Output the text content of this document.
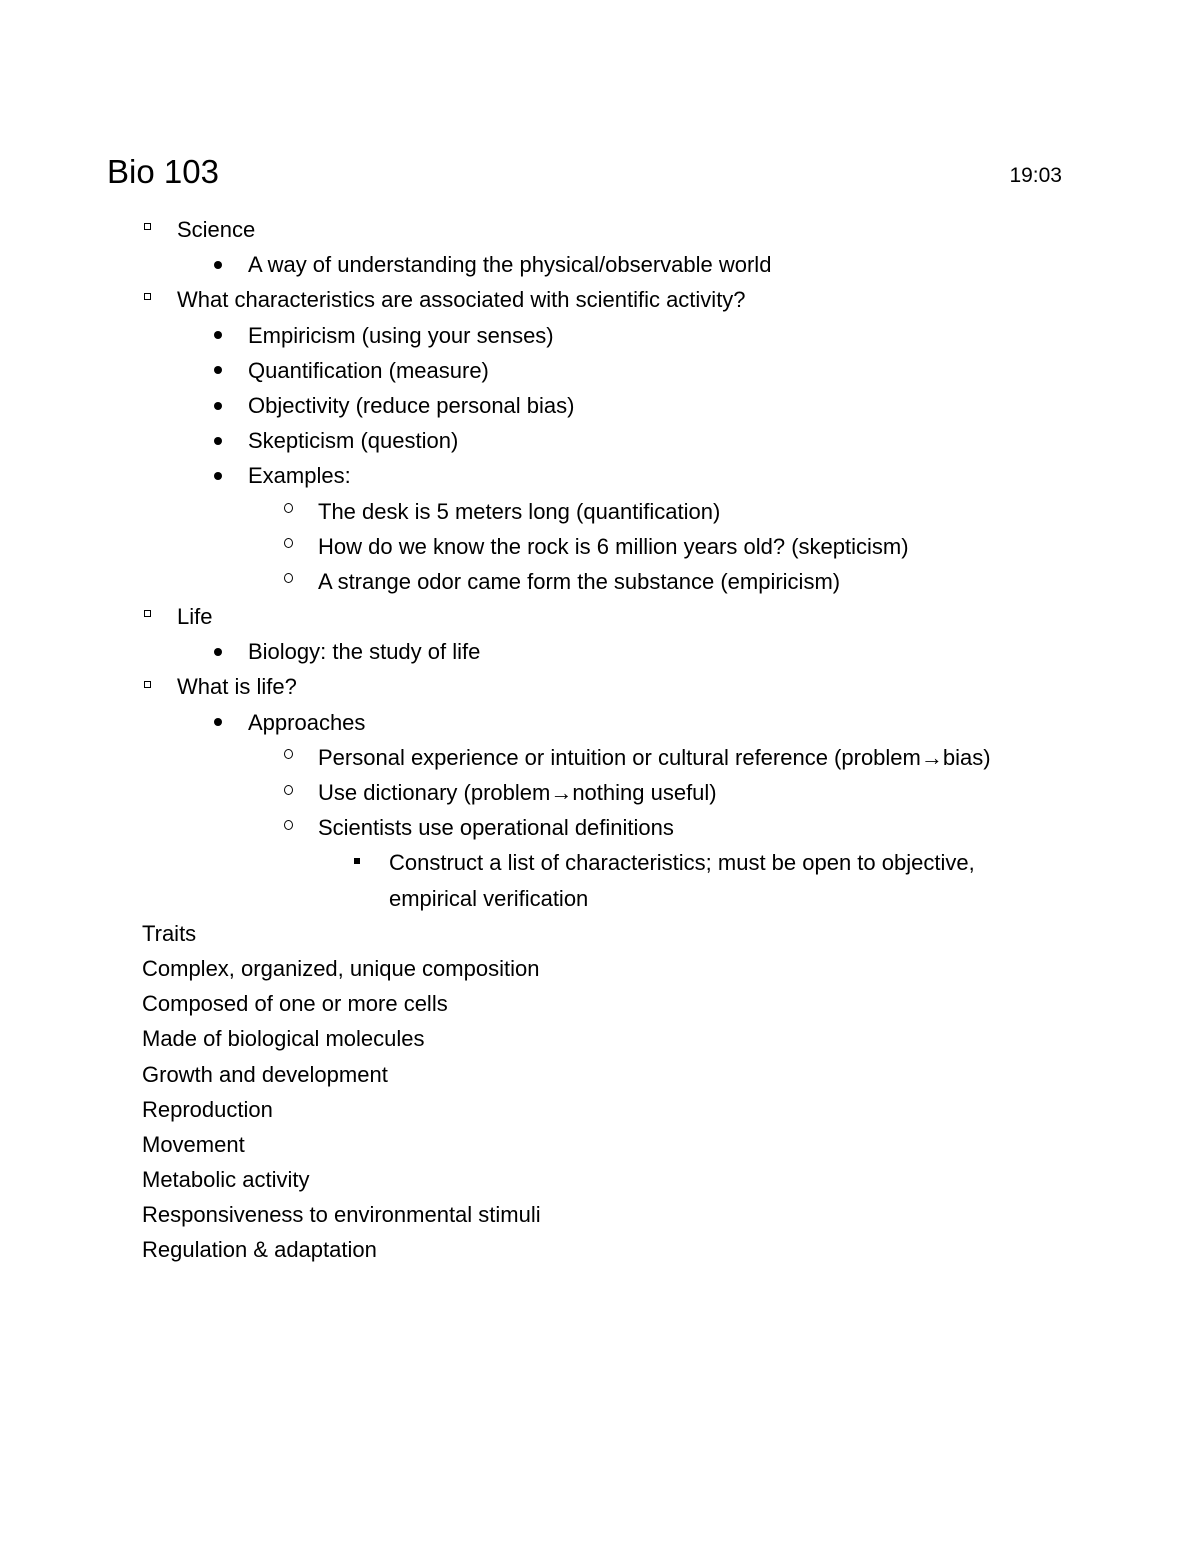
Bio 103	19:03
Science
A way of understanding the physical/observable world
What characteristics are associated with scientific activity?
Empiricism (using your senses)
Quantification (measure)
Objectivity (reduce personal bias)
Skepticism (question)
Examples:
The desk is 5 meters long (quantification)
How do we know the rock is 6 million years old? (skepticism)
A strange odor came form the substance (empiricism)
Life
Biology: the study of life
What is life?
Approaches
Personal experience or intuition or cultural reference (problem→bias)
Use dictionary (problem→nothing useful)
Scientists use operational definitions
Construct a list of characteristics; must be open to objective,
empirical verification
Traits
Complex, organized, unique composition
Composed of one or more cells
Made of biological molecules
Growth and development
Reproduction
Movement
Metabolic activity
Responsiveness to environmental stimuli
Regulation & adaptation
